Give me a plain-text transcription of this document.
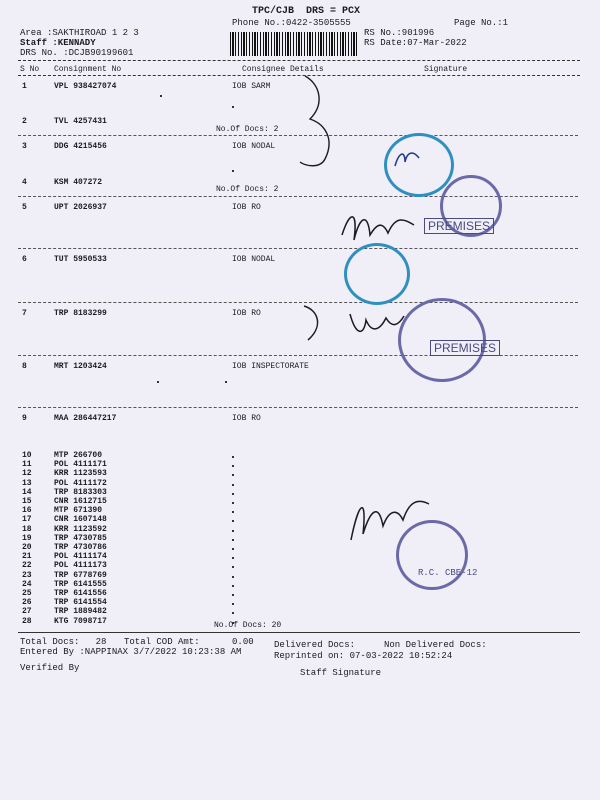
TPC/CJB  DRS = PCX
Phone No.:0422-3505555	Page No.:1
Area :SAKTHIROAD 1 2 3
Staff :KENNADY
DRS No. :DCJB90199601
RS No.:901996
RS Date:07-Mar-2022
S No Consignment No	Consignee Details	Signature
1	VPL 938427074	IOB SARM
2	TVL 4257431
No.Of Docs: 2
3	DDG 4215456	IOB NODAL
4	KSM 407272
No.Of Docs: 2
5	UPT 2026937	IOB RO
6	TUT 5950533	IOB NODAL
7	TRP 8183299	IOB RO
8	MRT 1203424	IOB INSPECTORATE
9	MAA 286447217	IOB RO
10	MTP 266700
11	POL 4111171
12	KRR 1123593
13	POL 4111172
14	TRP 8183303
15	CNR 1612715
16	MTP 671390
17	CNR 1607148
18	KRR 1123592
19	TRP 4730785
20	TRP 4730786
21	POL 4111174
22	POL 4111173
23	TRP 6778769
24	TRP 6141555
25	TRP 6141556
26	TRP 6141554
27	TRP 1889482
28	KTG 7098717	No.Of Docs: 20
Total Docs:   28 Total COD Amt:      0.00 Delivered Docs:	Non Delivered Docs:
Entered By :NAPPINAX 3/7/2022 10:23:38 AM	Reprinted on: 07-03-2022 10:52:24
Verified By	Staff Signature
PREMISES
PREMISES
R.C. CBE-12
